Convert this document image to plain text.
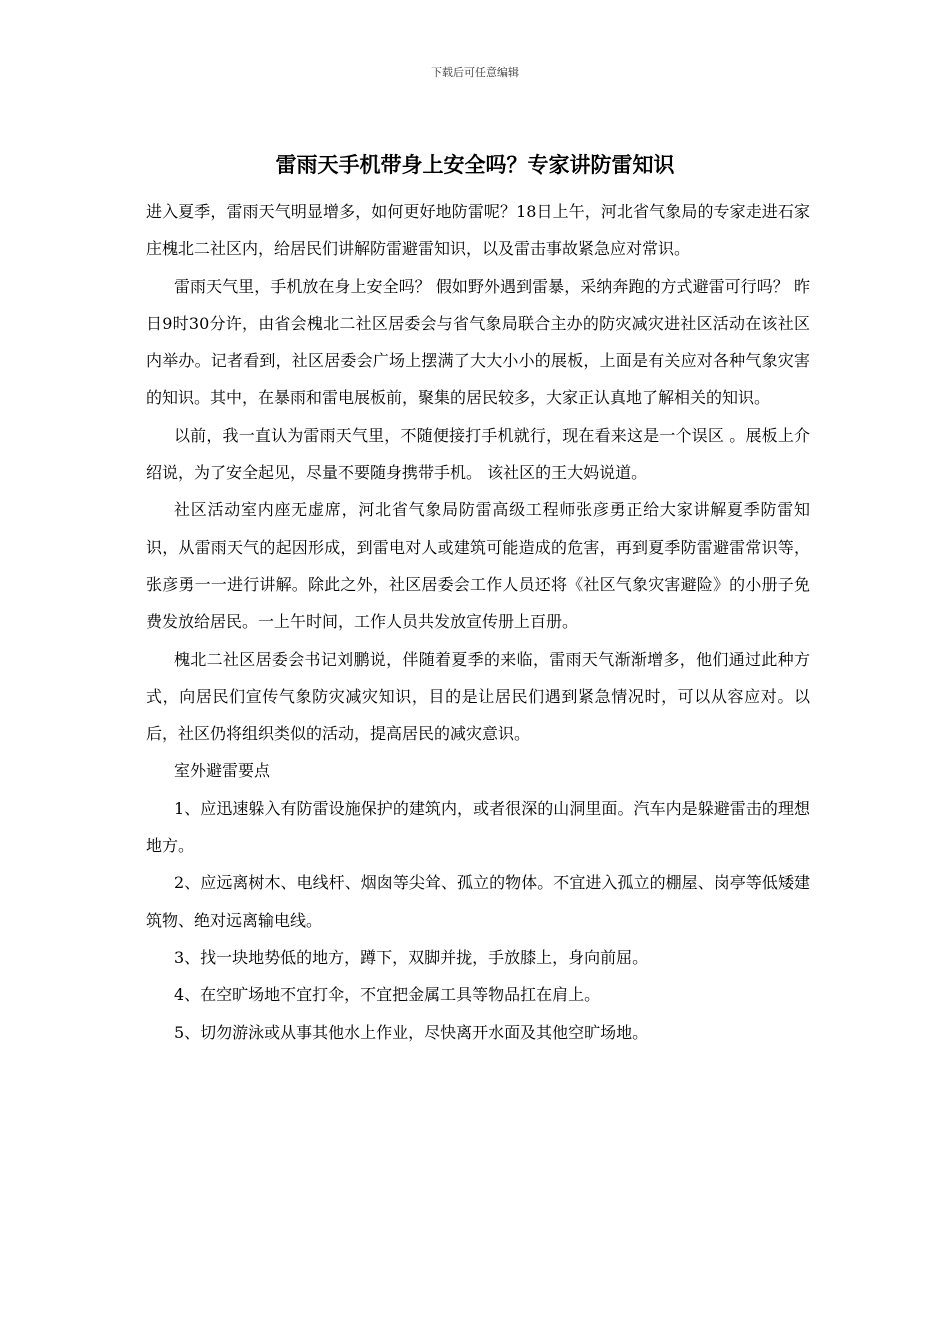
下载后可任意编辑
雷雨天手机带身上安全吗？专家讲防雷知识

进入夏季，雷雨天气明显增多，如何更好地防雷呢？18日上午，河北省气象局的专家走进石家庄槐北二社区内，给居民们讲解防雷避雷知识，以及雷击事故紧急应对常识。

雷雨天气里，手机放在身上安全吗？ 假如野外遇到雷暴，采纳奔跑的方式避雷可行吗？ 昨日9时30分许，由省会槐北二社区居委会与省气象局联合主办的防灾减灾进社区活动在该社区内举办。记者看到，社区居委会广场上摆满了大大小小的展板，上面是有关应对各种气象灾害的知识。其中，在暴雨和雷电展板前，聚集的居民较多，大家正认真地了解相关的知识。

以前，我一直认为雷雨天气里，不随便接打手机就行，现在看来这是一个误区 。展板上介绍说，为了安全起见，尽量不要随身携带手机。 该社区的王大妈说道。

社区活动室内座无虚席，河北省气象局防雷高级工程师张彦勇正给大家讲解夏季防雷知识，从雷雨天气的起因形成，到雷电对人或建筑可能造成的危害，再到夏季防雷避雷常识等，张彦勇一一进行讲解。除此之外，社区居委会工作人员还将《社区气象灾害避险》的小册子免费发放给居民。一上午时间，工作人员共发放宣传册上百册。

槐北二社区居委会书记刘鹏说，伴随着夏季的来临，雷雨天气渐渐增多，他们通过此种方式，向居民们宣传气象防灾减灾知识，目的是让居民们遇到紧急情况时，可以从容应对。以后，社区仍将组织类似的活动，提高居民的减灾意识。

室外避雷要点

1、应迅速躲入有防雷设施保护的建筑内，或者很深的山洞里面。汽车内是躲避雷击的理想地方。

2、应远离树木、电线杆、烟囱等尖耸、孤立的物体。不宜进入孤立的棚屋、岗亭等低矮建筑物、绝对远离输电线。

3、找一块地势低的地方，蹲下，双脚并拢，手放膝上，身向前屈。

4、在空旷场地不宜打伞，不宜把金属工具等物品扛在肩上。

5、切勿游泳或从事其他水上作业，尽快离开水面及其他空旷场地。
